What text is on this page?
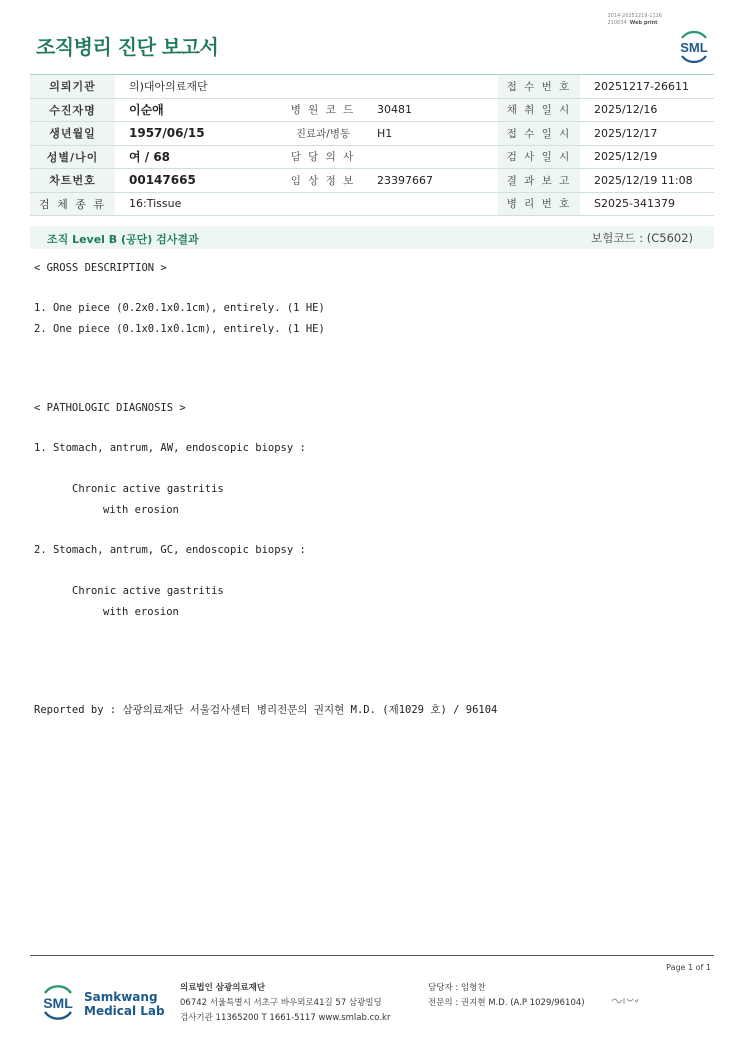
3014-20251219-1116
210034 Web print
조직병리 진단 보고서	SML
의뢰기관	의)대아의료재단			접 수 번 호	20251217-26611
수진자명	이순애	병 원 코 드	30481	채 취 일 시	2025/12/16
생년월일	1957/06/15	진료과/병동	H1	접 수 일 시	2025/12/17
성별/나이	여 / 68	담 당 의 사		검 사 일 시	2025/12/19
차트번호	00147665	임 상 정 보	23397667	결 과 보 고	2025/12/19 11:08
검 체 종 류	16:Tissue			병 리 번 호	S2025-341379
조직 Level B (공단) 검사결과	보험코드 : (C5602)
< GROSS DESCRIPTION >
1. One piece (0.2x0.1x0.1cm), entirely. (1 HE)
2. One piece (0.1x0.1x0.1cm), entirely. (1 HE)
< PATHOLOGIC DIAGNOSIS >
1. Stomach, antrum, AW, endoscopic biopsy :
Chronic active gastritis
with erosion
2. Stomach, antrum, GC, endoscopic biopsy :
Chronic active gastritis
with erosion
Reported by : 삼광의료재단 서울검사센터 병리전문의 권지현 M.D. (제1029 호) / 96104
Page 1 of 1
SML Samkwang
Medical Lab
의료법인 삼광의료재단
06742 서울특별시 서초구 바우뫼로41길 57 삼광빌딩
검사기관 11365200 T 1661-5117 www.smlab.co.kr
담당자 : 임형찬
전문의 : 권지현 M.D. (A.P 1029/96104)
